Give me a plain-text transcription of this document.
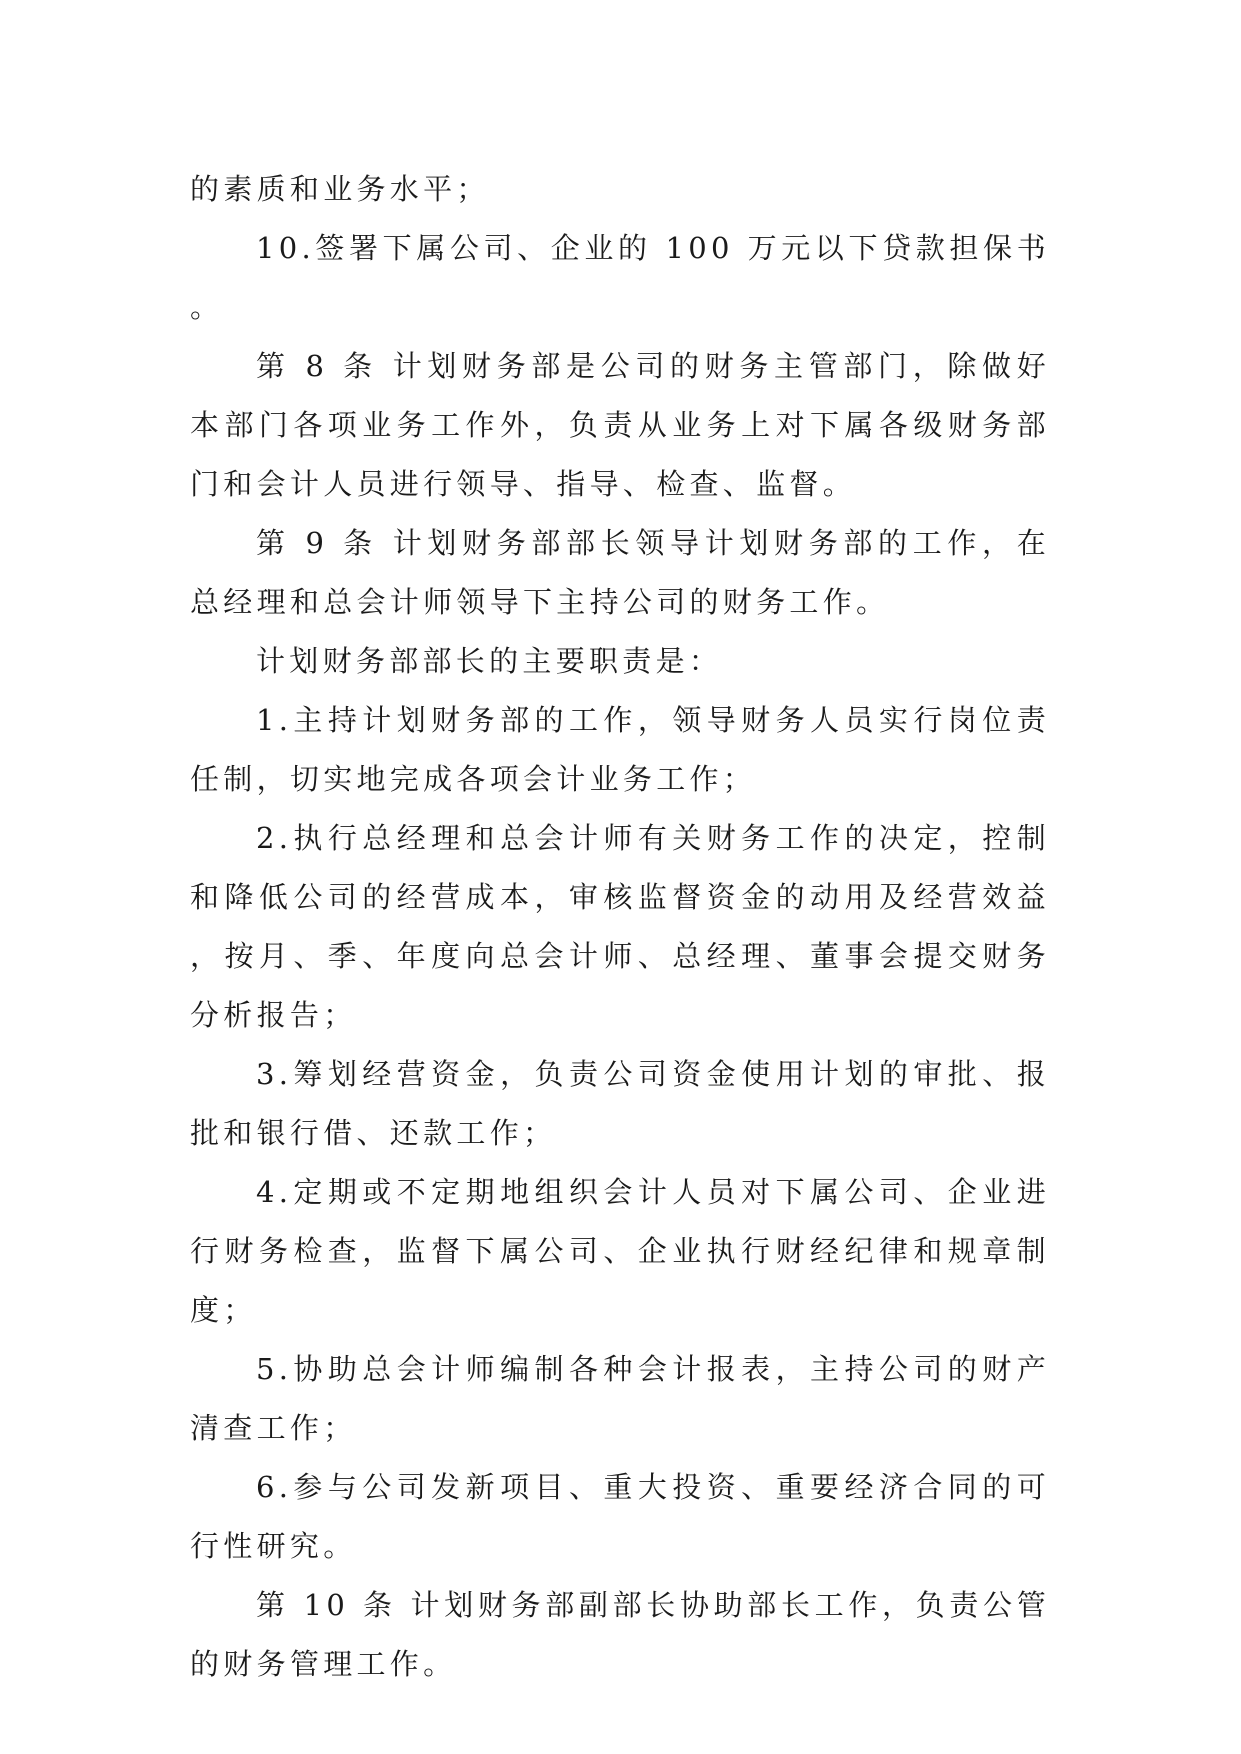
的素质和业务水平；

10.签署下属公司、企业的 100 万元以下贷款担保书。

第 8 条 计划财务部是公司的财务主管部门，除做好本部门各项业务工作外，负责从业务上对下属各级财务部门和会计人员进行领导、指导、检查、监督。

第 9 条 计划财务部部长领导计划财务部的工作，在总经理和总会计师领导下主持公司的财务工作。

计划财务部部长的主要职责是：

1.主持计划财务部的工作，领导财务人员实行岗位责任制，切实地完成各项会计业务工作；

2.执行总经理和总会计师有关财务工作的决定，控制和降低公司的经营成本，审核监督资金的动用及经营效益，按月、季、年度向总会计师、总经理、董事会提交财务分析报告；

3.筹划经营资金，负责公司资金使用计划的审批、报批和银行借、还款工作；

4.定期或不定期地组织会计人员对下属公司、企业进行财务检查，监督下属公司、企业执行财经纪律和规章制度；

5.协助总会计师编制各种会计报表，主持公司的财产清查工作；

6.参与公司发新项目、重大投资、重要经济合同的可行性研究。

第 10 条 计划财务部副部长协助部长工作，负责公管的财务管理工作。
